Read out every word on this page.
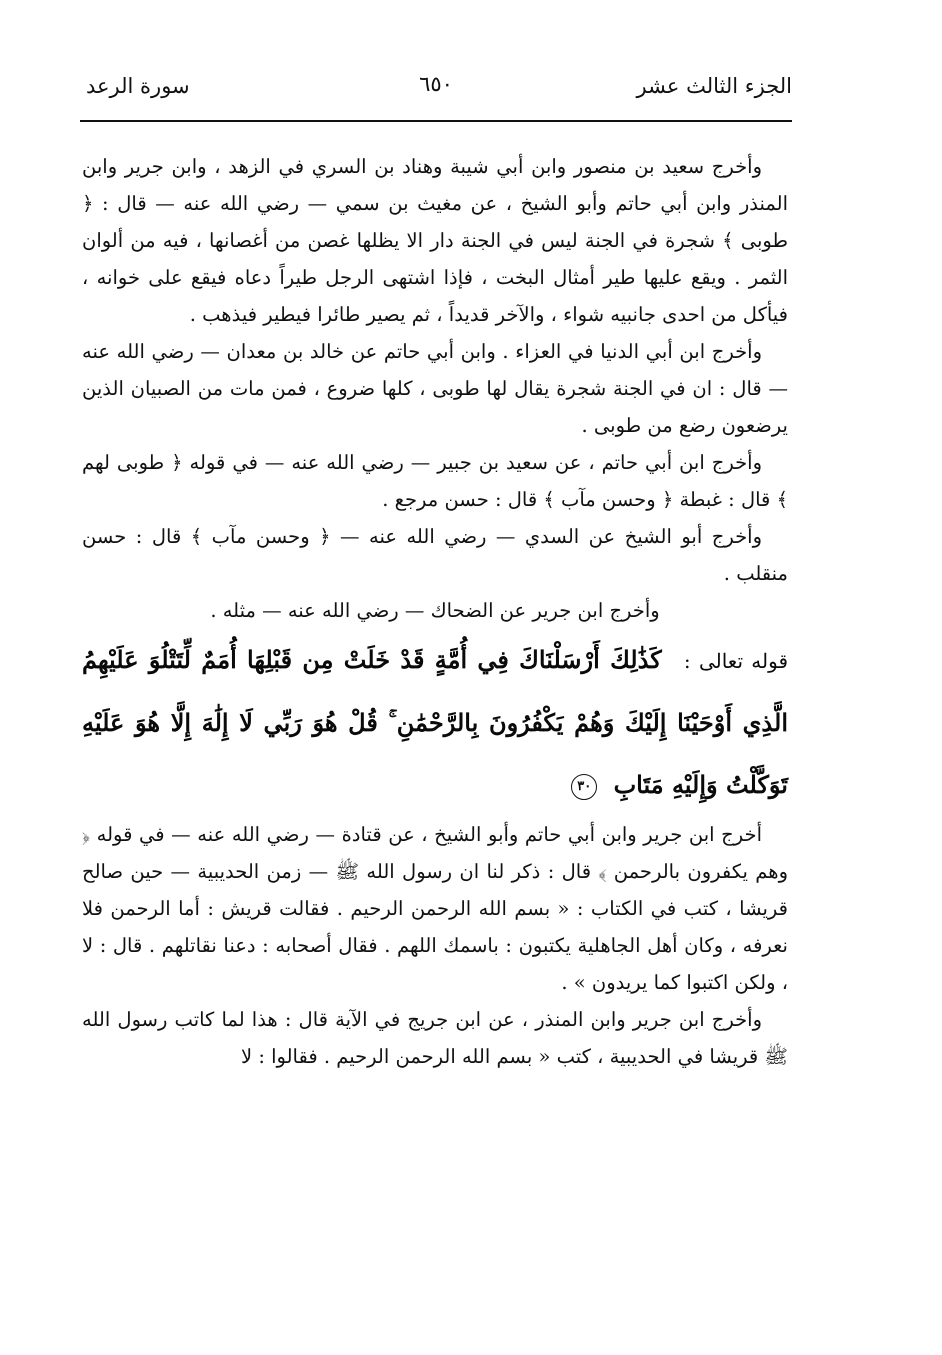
الجزء الثالث عشر
٦٥٠
سورة الرعد

وأخرج سعيد بن منصور وابن أبي شيبة وهناد بن السري في الزهد ، وابن جرير وابن المنذر وابن أبي حاتم وأبو الشيخ ، عن مغيث بن سمي — رضي الله عنه — قال : ﴿ طوبى ﴾ شجرة في الجنة ليس في الجنة دار الا يظلها غصن من أغصانها ، فيه من ألوان الثمر . ويقع عليها طير أمثال البخت ، فإذا اشتهى الرجل طيراً دعاه فيقع على خوانه ، فيأكل من احدى جانبيه شواء ، والآخر قديداً ، ثم يصير طائرا فيطير فيذهب .

وأخرج ابن أبي الدنيا في العزاء . وابن أبي حاتم عن خالد بن معدان — رضي الله عنه — قال : ان في الجنة شجرة يقال لها طوبى ، كلها ضروع ، فمن مات من الصبيان الذين يرضعون رضع من طوبى .

وأخرج ابن أبي حاتم ، عن سعيد بن جبير — رضي الله عنه — في قوله ﴿ طوبى لهم ﴾ قال : غبطة ﴿ وحسن مآب ﴾ قال : حسن مرجع .

وأخرج أبو الشيخ عن السدي — رضي الله عنه — ﴿ وحسن مآب ﴾ قال : حسن منقلب .

وأخرج ابن جرير عن الضحاك — رضي الله عنه — مثله .

قوله تعالى : كَذَٰلِكَ أَرْسَلْنَاكَ فِي أُمَّةٍ قَدْ خَلَتْ مِن قَبْلِهَا أُمَمٌ لِّتَتْلُوَ عَلَيْهِمُ الَّذِي أَوْحَيْنَا إِلَيْكَ وَهُمْ يَكْفُرُونَ بِالرَّحْمَٰنِ ۚ قُلْ هُوَ رَبِّي لَا إِلَٰهَ إِلَّا هُوَ عَلَيْهِ تَوَكَّلْتُ وَإِلَيْهِ مَتَابِ ٣٠

أخرج ابن جرير وابن أبي حاتم وأبو الشيخ ، عن قتادة — رضي الله عنه — في قوله ﴿ وهم يكفرون بالرحمن ﴾ قال : ذكر لنا ان رسول الله ﷺ — زمن الحديبية — حين صالح قريشا ، كتب في الكتاب : « بسم الله الرحمن الرحيم . فقالت قريش : أما الرحمن فلا نعرفه ، وكان أهل الجاهلية يكتبون : باسمك اللهم . فقال أصحابه : دعنا نقاتلهم . قال : لا ، ولكن اكتبوا كما يريدون » .

وأخرج ابن جرير وابن المنذر ، عن ابن جريج في الآية قال : هذا لما كاتب رسول الله ﷺ قريشا في الحديبية ، كتب « بسم الله الرحمن الرحيم . فقالوا : لا
